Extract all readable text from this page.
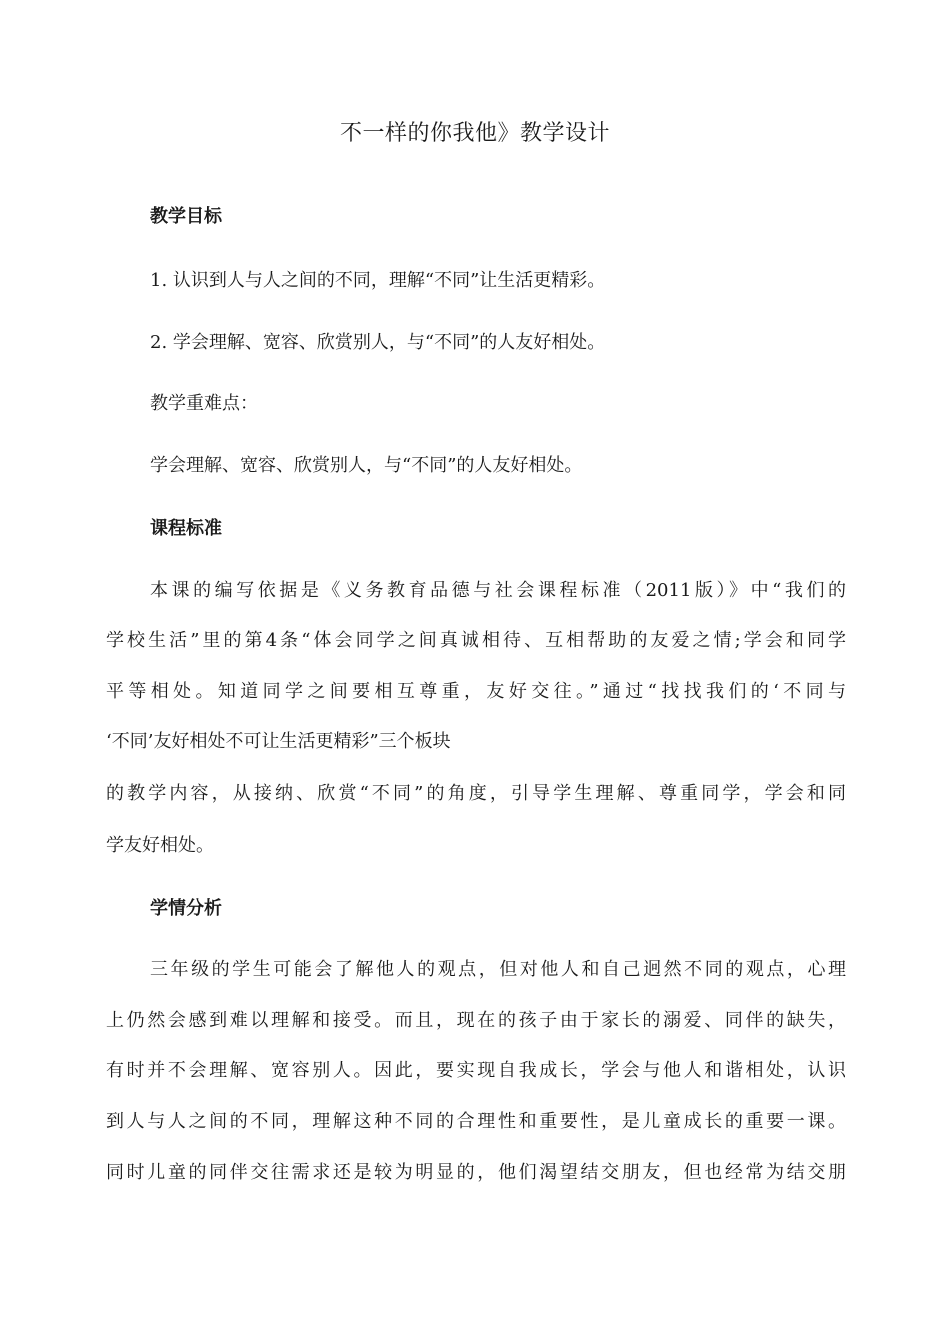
不一样的你我他》教学设计
教学目标

1. 认识到人与人之间的不同，理解“不同”让生活更精彩。

2. 学会理解、宽容、欣赏别人，与“不同”的人友好相处。

教学重难点：

学会理解、宽容、欣赏别人，与“不同”的人友好相处。

课程标准

本课的编写依据是《义务教育品德与社会课程标准（2011版）》中“我们的

学校生活”里的第4条“体会同学之间真诚相待、互相帮助的友爱之情;学会和同学

平等相处。知道同学之间要相互尊重，友好交往。”通过“找找我们的‘不同与

‘不同’友好相处不可让生活更精彩”三个板块

的教学内容，从接纳、欣赏“不同”的角度，引导学生理解、尊重同学，学会和同

学友好相处。

学情分析

三年级的学生可能会了解他人的观点，但对他人和自己迥然不同的观点，心理

上仍然会感到难以理解和接受。而且，现在的孩子由于家长的溺爱、同伴的缺失，

有时并不会理解、宽容别人。因此，要实现自我成长，学会与他人和谐相处，认识

到人与人之间的不同，理解这种不同的合理性和重要性，是儿童成长的重要一课。

同时儿童的同伴交往需求还是较为明显的，他们渴望结交朋友，但也经常为结交朋
